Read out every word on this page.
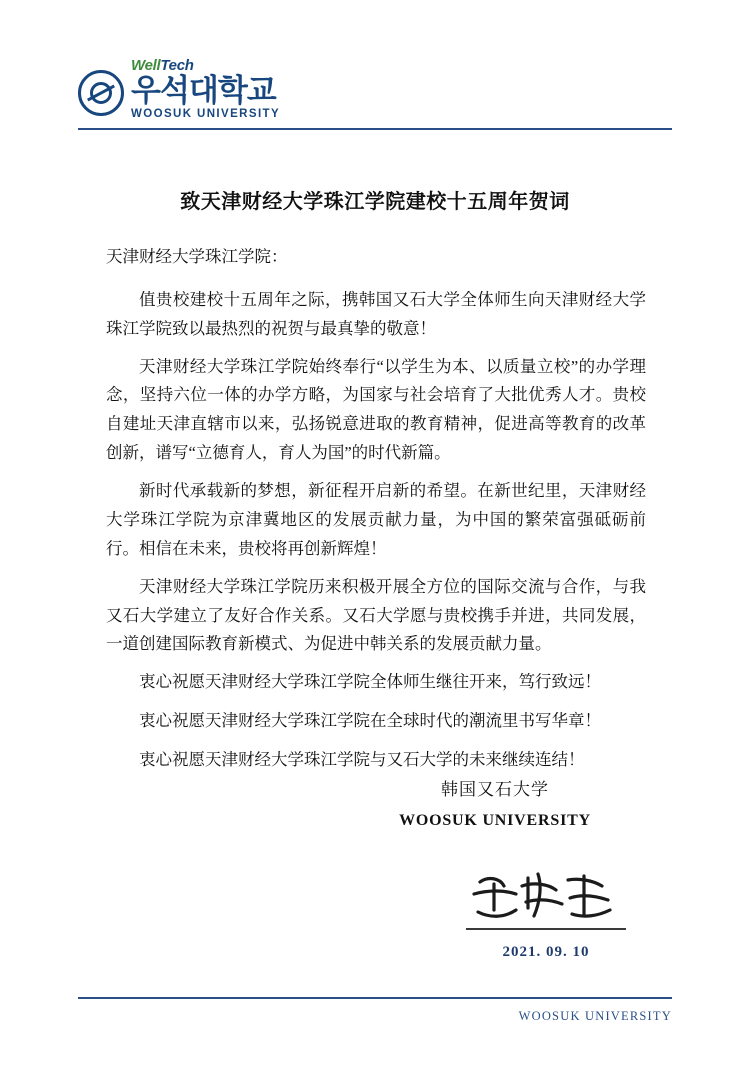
WellTech
우석대학교
WOOSUK UNIVERSITY
致天津财经大学珠江学院建校十五周年贺词
天津财经大学珠江学院：

值贵校建校十五周年之际，携韩国又石大学全体师生向天津财经大学珠江学院致以最热烈的祝贺与最真挚的敬意！

天津财经大学珠江学院始终奉行“以学生为本、以质量立校”的办学理念，坚持六位一体的办学方略，为国家与社会培育了大批优秀人才。贵校自建址天津直辖市以来，弘扬锐意进取的教育精神，促进高等教育的改革创新，谱写“立德育人，育人为国”的时代新篇。

新时代承载新的梦想，新征程开启新的希望。在新世纪里，天津财经大学珠江学院为京津冀地区的发展贡献力量，为中国的繁荣富强砥砺前行。相信在未来，贵校将再创新辉煌！

天津财经大学珠江学院历来积极开展全方位的国际交流与合作，与我又石大学建立了友好合作关系。又石大学愿与贵校携手并进，共同发展，一道创建国际教育新模式、为促进中韩关系的发展贡献力量。

衷心祝愿天津财经大学珠江学院全体师生继往开来，笃行致远！

衷心祝愿天津财经大学珠江学院在全球时代的潮流里书写华章！

衷心祝愿天津财经大学珠江学院与又石大学的未来继续连结！

韩国又石大学
WOOSUK UNIVERSITY
2021. 09. 10
WOOSUK UNIVERSITY
